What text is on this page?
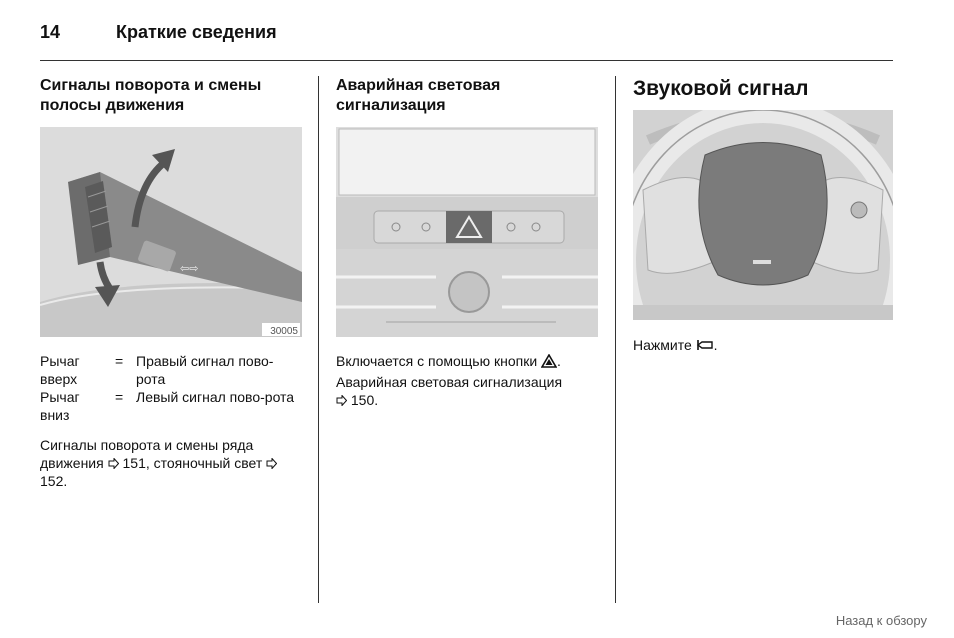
14	Краткие сведения

Сигналы поворота и смены полосы движения

⇦⇨
30005
Рычаг вверх
= Правый сигнал пово-рота
Рычаг вниз
= Левый сигнал пово-рота

Сигналы поворота и смены ряда движения 151, стояночный свет  152.

Аварийная световая сигнализация

Включается с помощью кнопки .

Аварийная световая сигнализация
150.

Звуковой сигнал

Нажмите .

Назад к обзору
